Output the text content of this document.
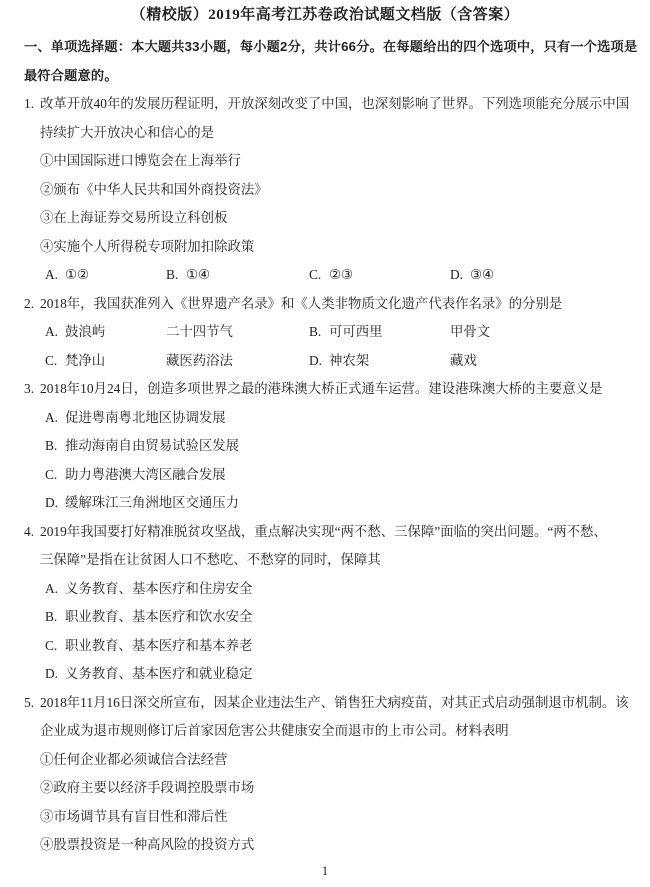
（精校版）2019年高考江苏卷政治试题文档版（含答案）
一、单项选择题：本大题共33小题，每小题2分，共计66分。在每题给出的四个选项中，只有一个选项是
最符合题意的。
1. 改革开放40年的发展历程证明，开放深刻改变了中国，也深刻影响了世界。下列选项能充分展示中国
持续扩大开放决心和信心的是
①中国国际进口博览会在上海举行
②颁布《中华人民共和国外商投资法》
③在上海证券交易所设立科创板
④实施个人所得税专项附加扣除政策
A. ①②	B. ①④	C. ②③	D. ③④
2. 2018年，我国获准列入《世界遗产名录》和《人类非物质文化遗产代表作名录》的分别是
A. 鼓浪屿	二十四节气	B. 可可西里	甲骨文
C. 梵净山	藏医药浴法	D. 神农架	藏戏
3. 2018年10月24日，创造多项世界之最的港珠澳大桥正式通车运营。建设港珠澳大桥的主要意义是
A. 促进粤南粤北地区协调发展
B. 推动海南自由贸易试验区发展
C. 助力粤港澳大湾区融合发展
D. 缓解珠江三角洲地区交通压力
4. 2019年我国要打好精准脱贫攻坚战，重点解决实现“两不愁、三保障”面临的突出问题。“两不愁、
三保障”是指在让贫困人口不愁吃、不愁穿的同时，保障其
A. 义务教育、基本医疗和住房安全
B. 职业教育、基本医疗和饮水安全
C. 职业教育、基本医疗和基本养老
D. 义务教育、基本医疗和就业稳定
5. 2018年11月16日深交所宣布，因某企业违法生产、销售狂犬病疫苗，对其正式启动强制退市机制。该
企业成为退市规则修订后首家因危害公共健康安全而退市的上市公司。材料表明
①任何企业都必须诚信合法经营
②政府主要以经济手段调控股票市场
③市场调节具有盲目性和滞后性
④股票投资是一种高风险的投资方式
1
